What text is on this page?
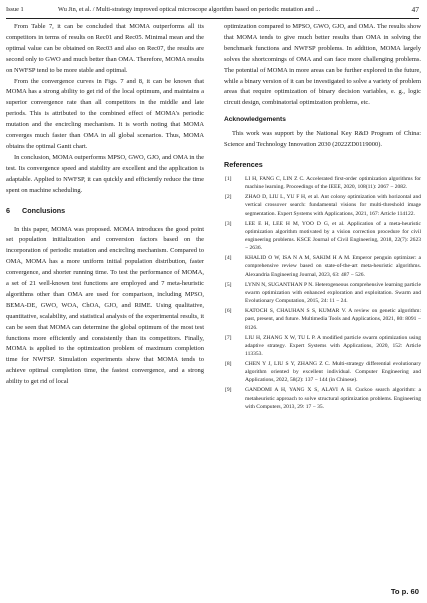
Issue 1	Wu Jin, et al. / Multi-strategy improved optical microscope algorithm based on periodic mutation and ...	47

From Table 7, it can be concluded that MOMA outperforms all its competitors in terms of results on Rec01 and Rec05. Minimal mean and the optimal value can be obtained on Rec03 and also on Rec07, the results are second only to GWO and much better than OMA. Therefore, MOMA results on NWFSP tend to be more stable and optimal.

From the convergence curves in Figs. 7 and 8, it can be known that MOMA has a strong ability to get rid of the local optimum, and maintains a superior convergence rate than all competitors in the middle and late periods. This is attributed to the combined effect of MOMA's periodic mutation and the encircling mechanism. It is worth noting that MOMA converges much faster than OMA in all global scenarios. Thus, MOMA obtains the optimal Gantt chart.

In conclusion, MOMA outperforms MPSO, GWO, GJO, and OMA in the test. Its convergence speed and stability are excellent and the application is adaptable. Applied to NWFSP, it can quickly and efficiently reduce the time spent on machine scheduling.

6 Conclusions

In this paper, MOMA was proposed. MOMA introduces the good point set population initialization and conversion factors based on the incorporation of periodic mutation and encircling mechanism. Compared to OMA, MOMA has a more uniform initial population distribution, faster convergence, and shorter running time. To test the performance of MOMA, a set of 21 well-known test functions are employed and 7 meta-heuristic algorithms other than OMA are used for comparison, including MPSO, BEMA-DE, GWO, WOA, ChOA, GJO, and RIME. Using qualitative, quantitative, scalability, and statistical analysis of the experimental results, it can be seen that MOMA can determine the global optimum of the most test functions more efficiently and consistently than its competitors. Finally, MOMA is applied to the optimization problem of maximum completion time for NWFSP. Simulation experiments show that MOMA tends to achieve optimal completion time, the fastest convergence, and a strong ability to get rid of local

optimization compared to MPSO, GWO, GJO, and OMA. The results show that MOMA tends to give much better results than OMA in solving the benchmark functions and NWFSP problems. In addition, MOMA largely solves the shortcomings of OMA and can face more challenging problems. The potential of MOMA in more areas can be further explored in the future, while a binary version of it can be investigated to solve a variety of problem areas that require optimization of binary decision variables, e. g., logic circuit design, combinatorial optimization problems, etc.

Acknowledgements

This work was support by the National Key R&D Program of China: Science and Technology Innovation 2030 (2022ZD0119000).

References
[1] LI H, FANG C, LIN Z C. Accelerated first-order optimization algorithms for machine learning. Proceedings of the IEEE, 2020, 108(11): 2067 − 2082.
[2] ZHAO D, LIU L, YU F H, et al. Ant colony optimization with horizontal and vertical crossover search: fundamental visions for multi-threshold image segmentation. Expert Systems with Applications, 2021, 167: Article 114122.
[3] LEE E H, LEE H M, YOO D G, et al. Application of a meta-heuristic optimization algorithm motivated by a vision correction procedure for civil engineering problems. KSCE Journal of Civil Engineering, 2018, 22(7): 2623 − 2636.
[4] KHALID O W, ISA N A M, SAKIM H A M. Emperor penguin optimizer: a comprehensive review based on state-of-the-art meta-heuristic algorithms. Alexandria Engineering Journal, 2023, 63: 487 − 526.
[5] LYNN N, SUGANTHAN P N. Heterogeneous comprehensive learning particle swarm optimization with enhanced exploration and exploitation. Swarm and Evolutionary Computation, 2015, 24: 11 − 24.
[6] KATOCH S, CHAUHAN S S, KUMAR V. A review on genetic algorithm: past, present, and future. Multimedia Tools and Applications, 2021, 80: 8091 − 8126.
[7] LIU H, ZHANG X W, TU L P. A modified particle swarm optimization using adaptive strategy. Expert Systems with Applications, 2020, 152: Article 113353.
[8] CHEN Y J, LIU S Y, ZHANG Z C. Multi-strategy differential evolutionary algorithm oriented by excellent individual. Computer Engineering and Applications, 2022, 58(2): 137 − 144 (in Chinese).
[9] GANDOMI A H, YANG X S, ALAVI A H. Cuckoo search algorithm: a metaheuristic approach to solve structural optimization problems. Engineering with Computers, 2013, 29: 17 − 35.
To p. 60
